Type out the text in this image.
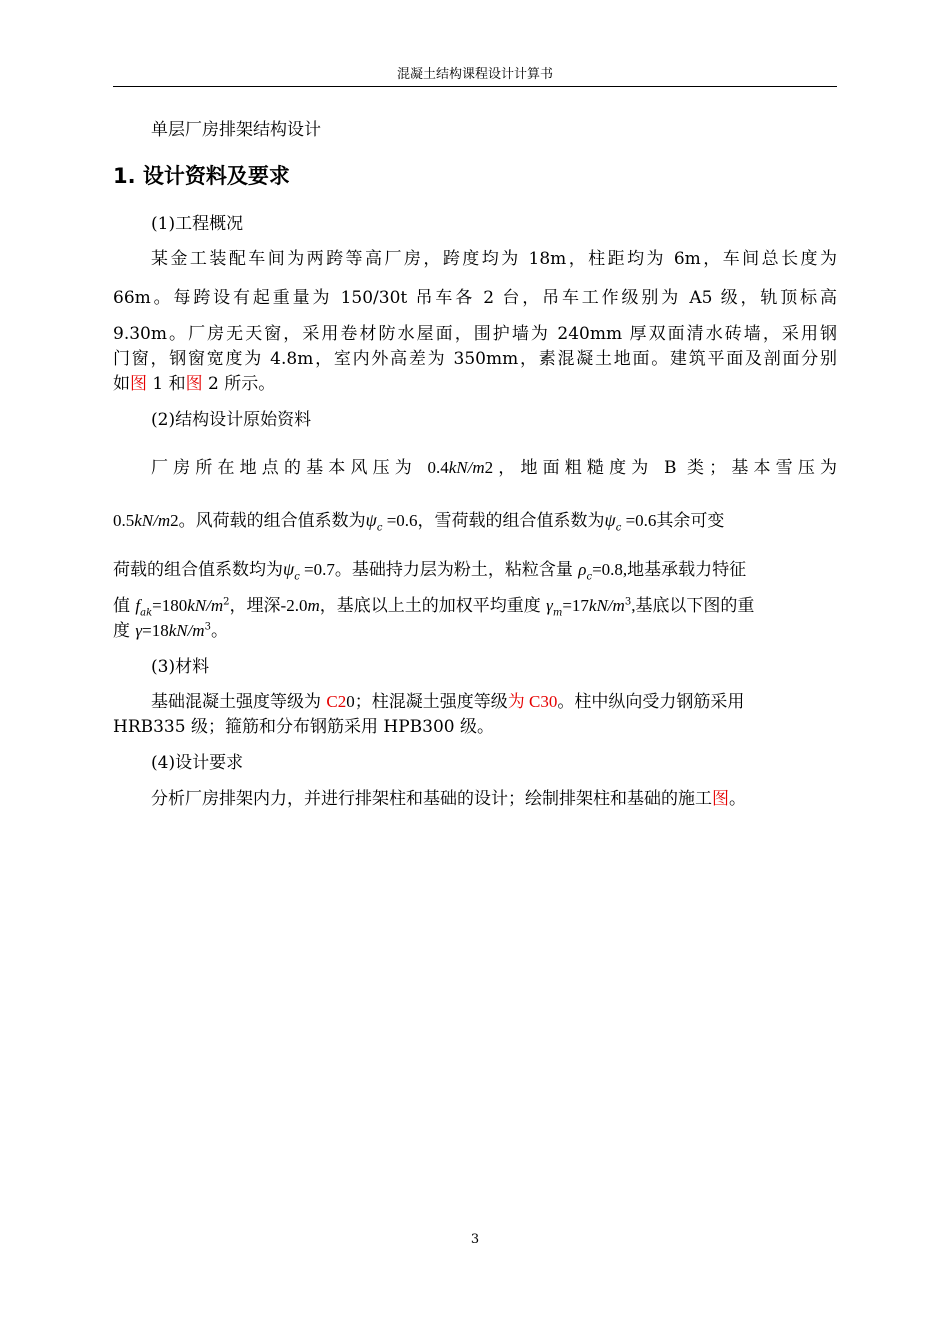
混凝土结构课程设计计算书
单层厂房排架结构设计
1. 设计资料及要求
(1)工程概况
某金工装配车间为两跨等高厂房，跨度均为 18m，柱距均为 6m，车间总长度为
66m。每跨设有起重量为 150/30t 吊车各 2 台，吊车工作级别为 A5 级，轨顶标高
9.30m。厂房无天窗，采用卷材防水屋面，围护墙为 240mm 厚双面清水砖墙，采用钢
门窗，钢窗宽度为 4.8m，室内外高差为 350mm，素混凝土地面。建筑平面及剖面分别
如图 1 和图 2 所示。
(2)结构设计原始资料
厂房所在地点的基本风压为 0.4kN/m2，地面粗糙度为 B 类；基本雪压为
0.5kN/m2。风荷载的组合值系数为$\psi_c =0.6$，雪荷载的组合值系数为$\psi_c =0.6$其余可变
荷载的组合值系数均为$\psi_c =0.7$。基础持力层为粉土，粘粒含量 $\rho_c=0.8$,地基承载力特征
值 $f_{ak}=180kN/m^2$，埋深-2.0m，基底以上土的加权平均重度 $\gamma_m=17kN/m^3$,基底以下图的重
度 $\gamma=18kN/m^3$。
(3)材料
基础混凝土强度等级为 C20；柱混凝土强度等级为 C30。柱中纵向受力钢筋采用
HRB335 级；箍筋和分布钢筋采用 HPB300 级。
(4)设计要求
分析厂房排架内力，并进行排架柱和基础的设计；绘制排架柱和基础的施工图。
3
